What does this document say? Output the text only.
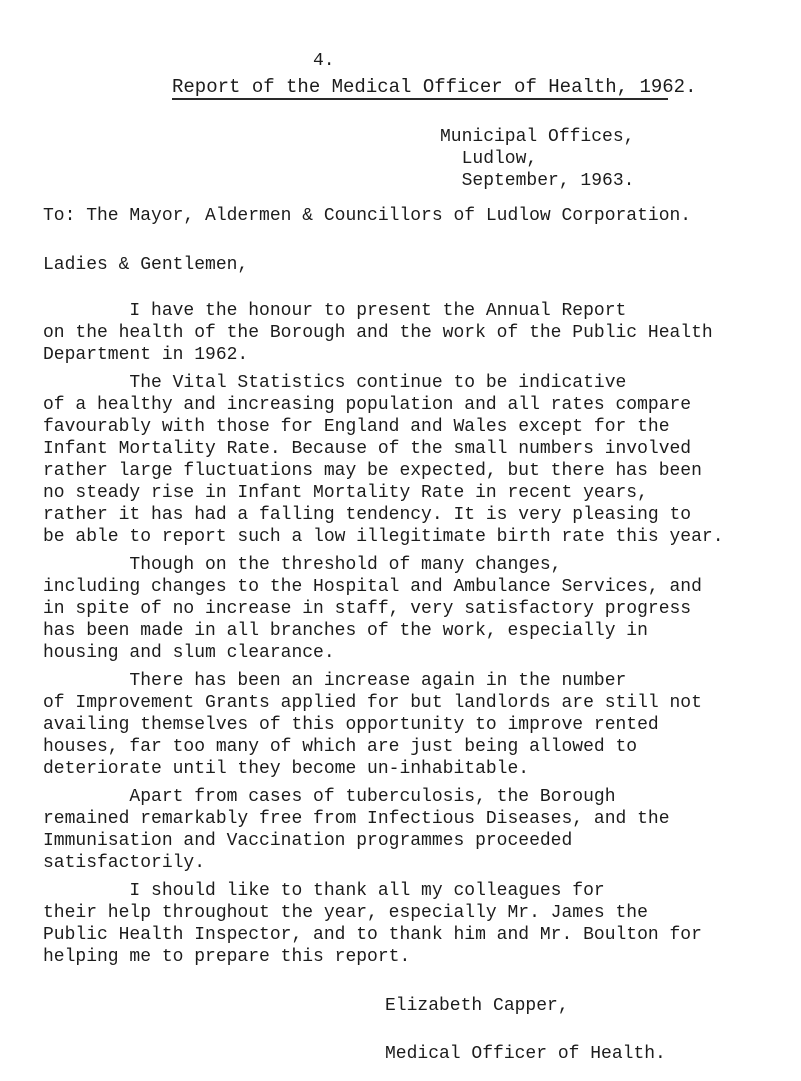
4.
Report of the Medical Officer of Health, 1962.
Municipal Offices,
Ludlow,
September, 1963.
To: The Mayor, Aldermen & Councillors of Ludlow Corporation.
Ladies & Gentlemen,
I have the honour to present the Annual Report
on the health of the Borough and the work of the Public Health
Department in 1962.
The Vital Statistics continue to be indicative
of a healthy and increasing population and all rates compare
favourably with those for England and Wales except for the
Infant Mortality Rate. Because of the small numbers involved
rather large fluctuations may be expected, but there has been
no steady rise in Infant Mortality Rate in recent years,
rather it has had a falling tendency. It is very pleasing to
be able to report such a low illegitimate birth rate this year.
Though on the threshold of many changes,
including changes to the Hospital and Ambulance Services, and
in spite of no increase in staff, very satisfactory progress
has been made in all branches of the work, especially in
housing and slum clearance.
There has been an increase again in the number
of Improvement Grants applied for but landlords are still not
availing themselves of this opportunity to improve rented
houses, far too many of which are just being allowed to
deteriorate until they become un-inhabitable.
Apart from cases of tuberculosis, the Borough
remained remarkably free from Infectious Diseases, and the
Immunisation and Vaccination programmes proceeded
satisfactorily.
I should like to thank all my colleagues for
their help throughout the year, especially Mr. James the
Public Health Inspector, and to thank him and Mr. Boulton for
helping me to prepare this report.
Elizabeth Capper,
Medical Officer of Health.
